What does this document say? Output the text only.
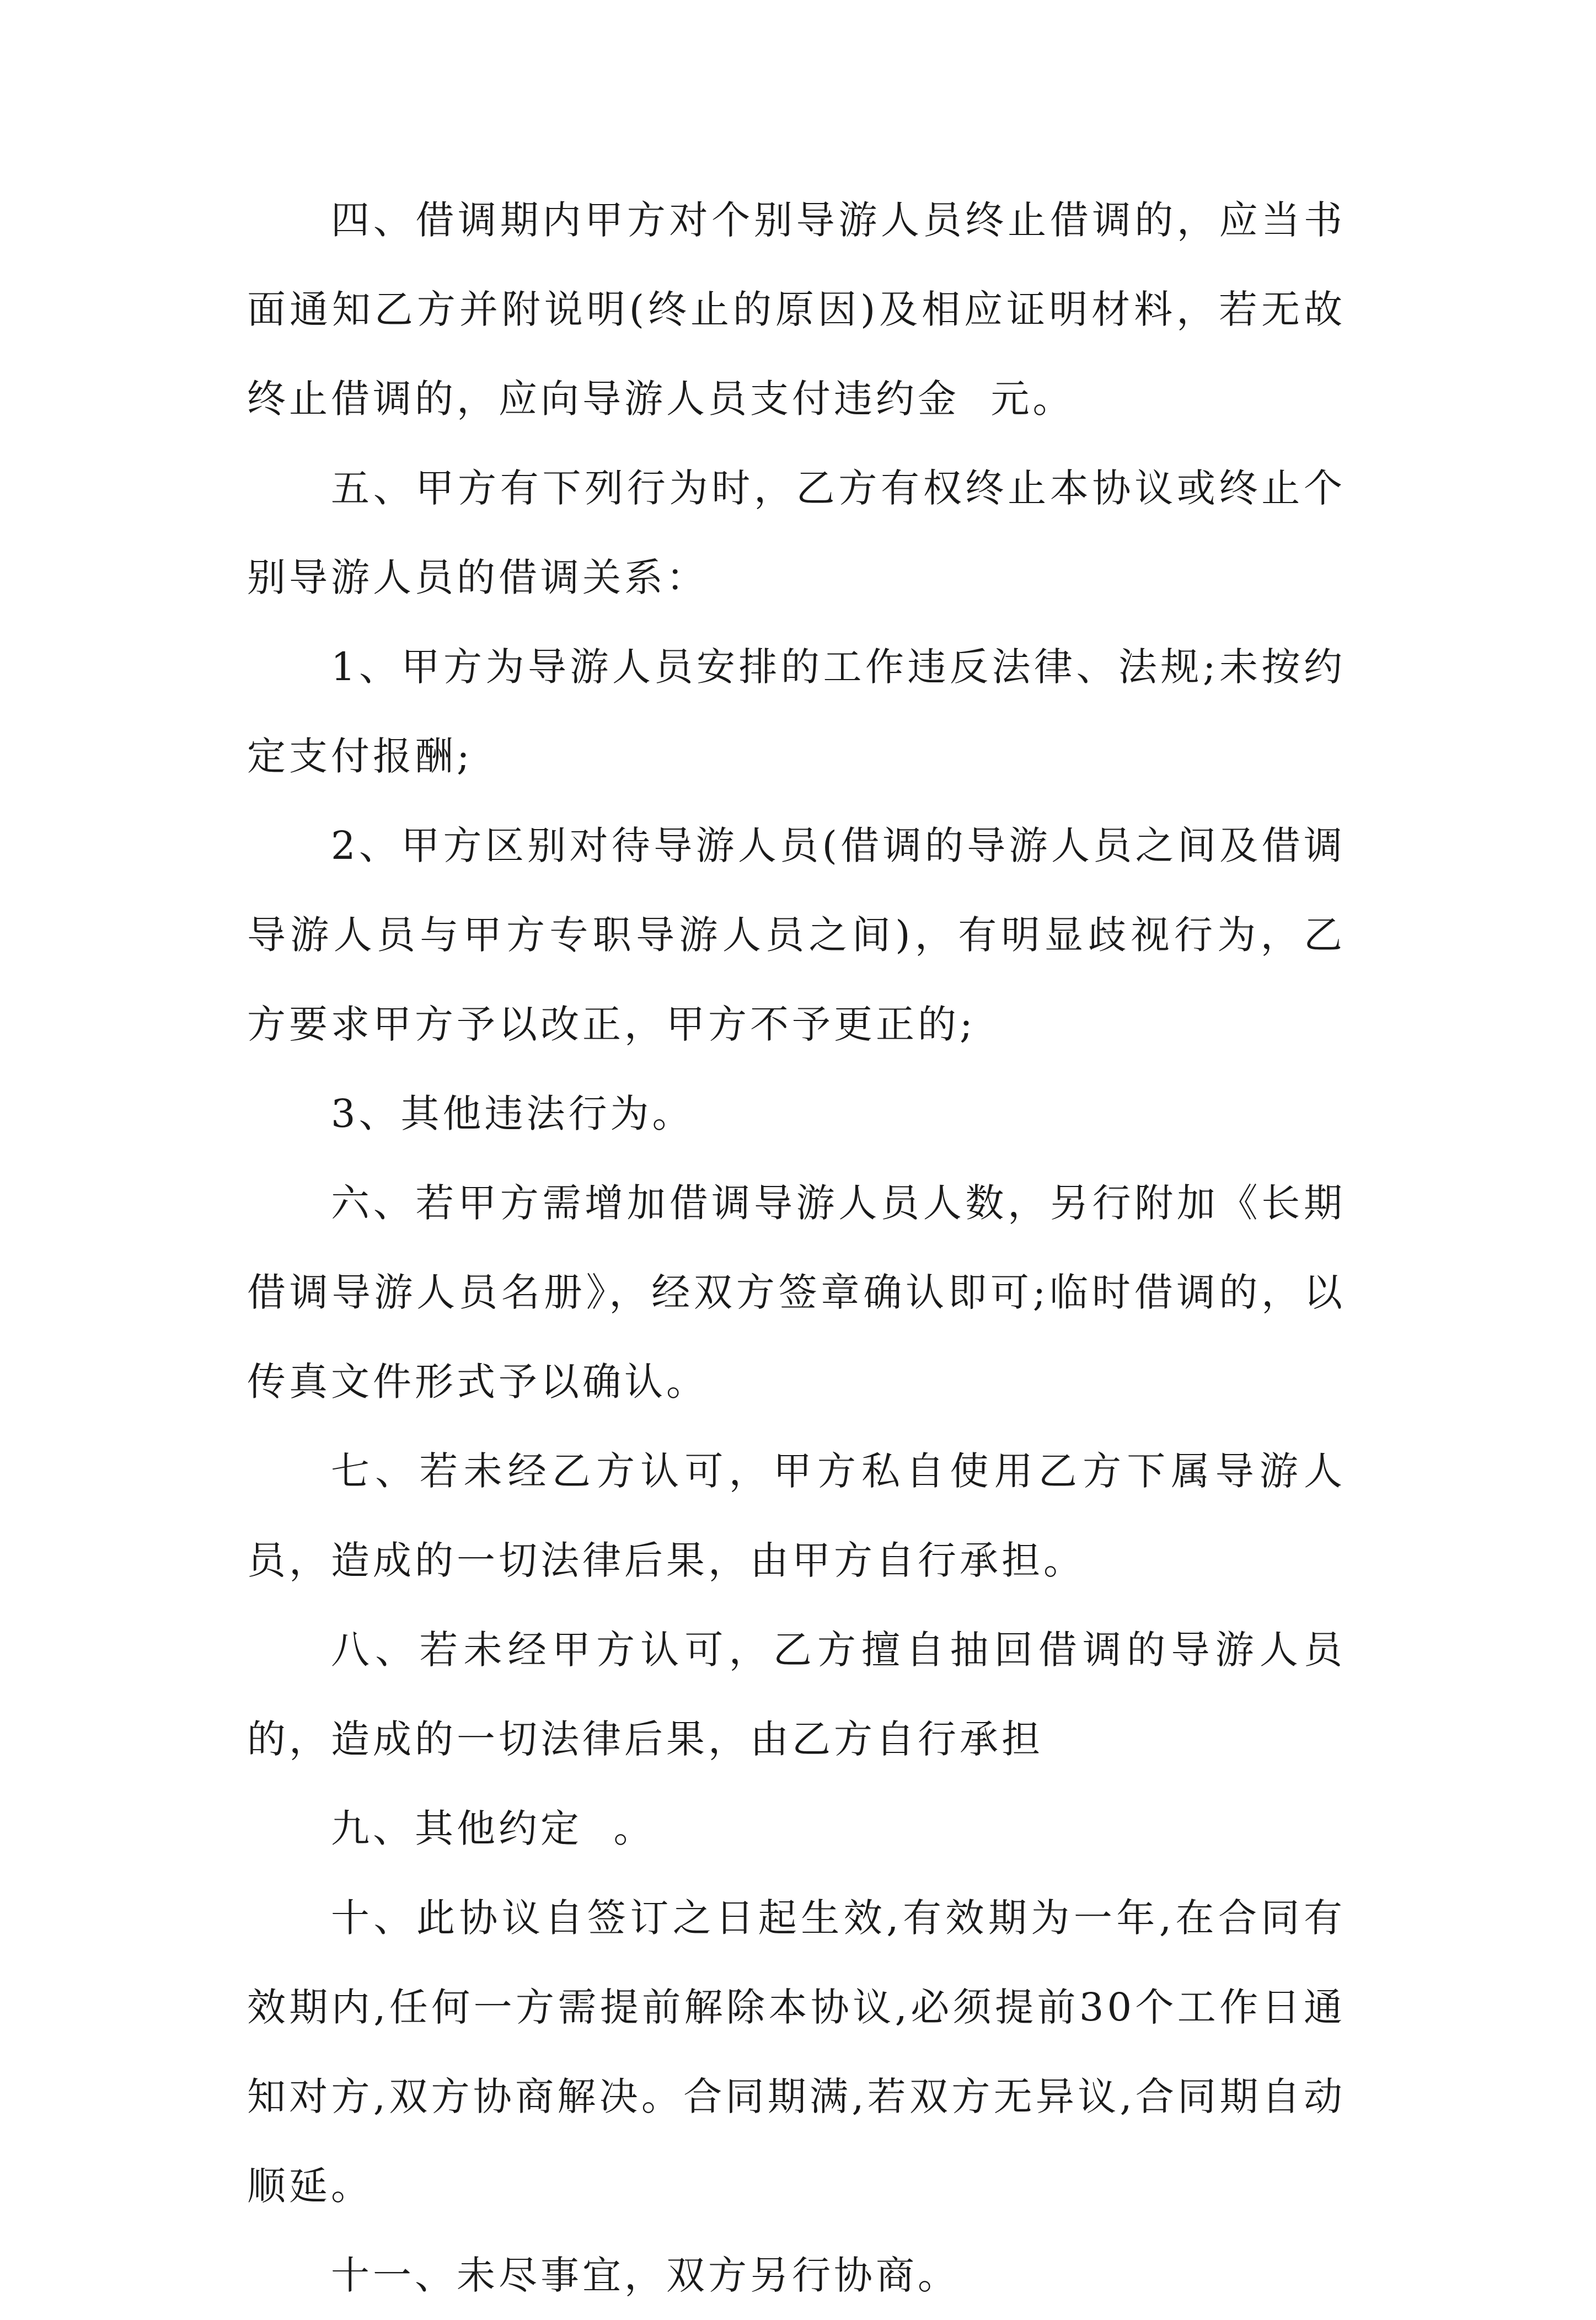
四、借调期内甲方对个别导游人员终止借调的，应当书面通知乙方并附说明(终止的原因)及相应证明材料，若无故终止借调的，应向导游人员支付违约金  元。

五、甲方有下列行为时，乙方有权终止本协议或终止个别导游人员的借调关系：

1、甲方为导游人员安排的工作违反法律、法规;未按约定支付报酬;

2、甲方区别对待导游人员(借调的导游人员之间及借调导游人员与甲方专职导游人员之间)，有明显歧视行为，乙方要求甲方予以改正，甲方不予更正的;

3、其他违法行为。

六、若甲方需增加借调导游人员人数，另行附加《长期借调导游人员名册》，经双方签章确认即可;临时借调的，以传真文件形式予以确认。

七、若未经乙方认可，甲方私自使用乙方下属导游人员，造成的一切法律后果，由甲方自行承担。

八、若未经甲方认可，乙方擅自抽回借调的导游人员的，造成的一切法律后果，由乙方自行承担

九、其他约定  。

十、此协议自签订之日起生效,有效期为一年,在合同有效期内,任何一方需提前解除本协议,必须提前30个工作日通知对方,双方协商解决。合同期满,若双方无异议,合同期自动顺延。

十一、未尽事宜，双方另行协商。
